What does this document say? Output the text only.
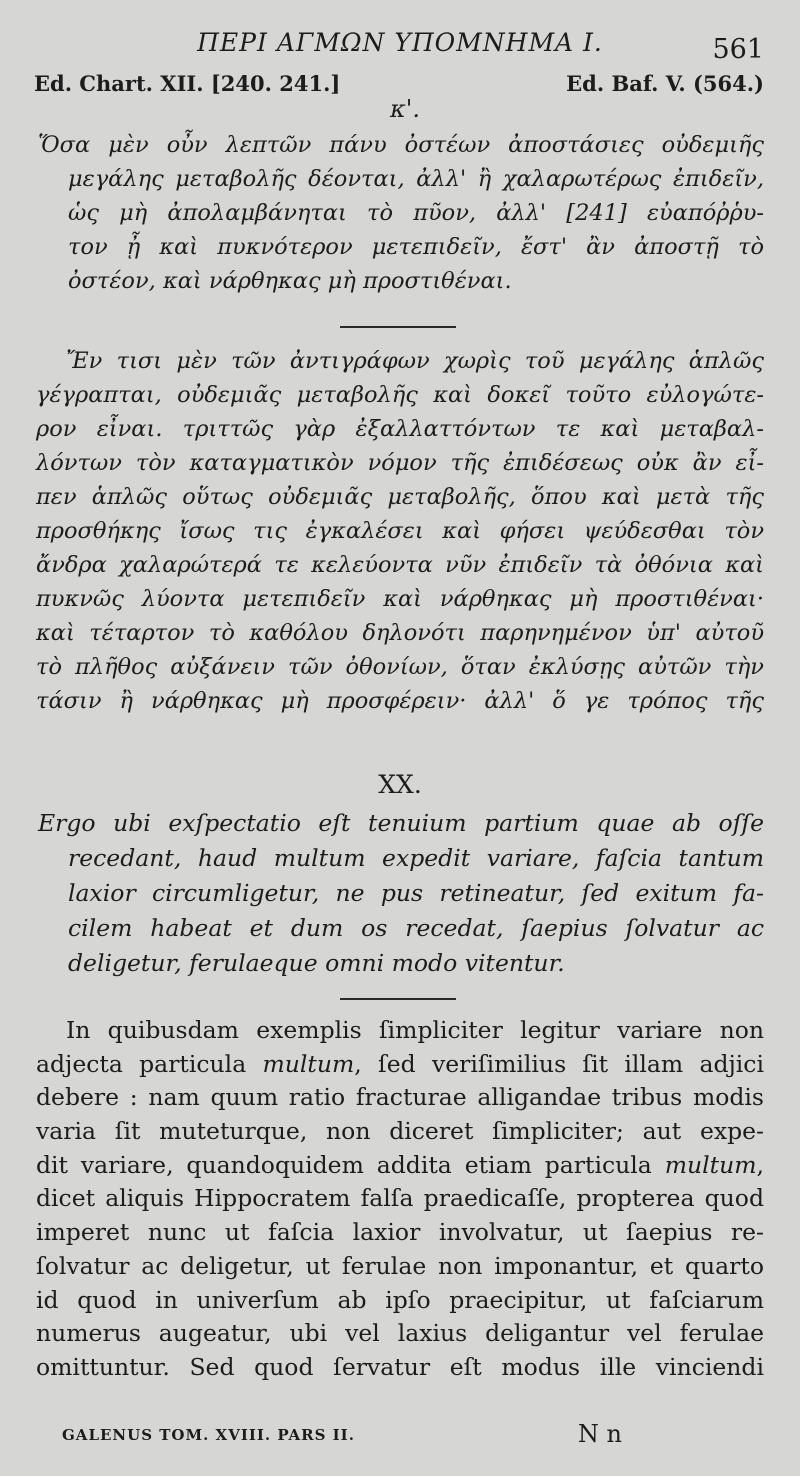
ΠΕΡΙ ΑΓΜΩΝ ΥΠΟΜΝΗΜΑ Ι.	561
Ed. Chart. XII. [240. 241.]	Ed. Baf. V. (564.)
κ'.
Ὅσα μὲν οὖν λεπτῶν πάνυ ὀστέων ἀποστάσιες οὐδεμιῆς
μεγάλης μεταβολῆς δέονται, ἀλλ' ἢ χαλαρωτέρως ἐπιδεῖν,
ὡς μὴ ἀπολαμβάνηται τὸ πῦον, ἀλλ' [241] εὐαπόῤῥυ-
τον ᾖ καὶ πυκνότερον μετεπιδεῖν, ἔστ' ἂν ἀποστῇ τὸ
ὀστέον, καὶ νάρθηκας μὴ προστιθέναι.
Ἔν τισι μὲν τῶν ἀντιγράφων χωρὶς τοῦ μεγάλης ἁπλῶς
γέγραπται, οὐδεμιᾶς μεταβολῆς καὶ δοκεῖ τοῦτο εὐλογώτε-
ρον εἶναι. τριττῶς γὰρ ἐξαλλαττόντων τε καὶ μεταβαλ-
λόντων τὸν καταγματικὸν νόμον τῆς ἐπιδέσεως οὐκ ἂν εἶ-
πεν ἁπλῶς οὕτως οὐδεμιᾶς μεταβολῆς, ὅπου καὶ μετὰ τῆς
προσθήκης ἴσως τις ἐγκαλέσει καὶ φήσει ψεύδεσθαι τὸν
ἄνδρα χαλαρώτερά τε κελεύοντα νῦν ἐπιδεῖν τὰ ὀθόνια καὶ
πυκνῶς λύοντα μετεπιδεῖν καὶ νάρθηκας μὴ προστιθέναι·
καὶ τέταρτον τὸ καθόλου δηλονότι παρηνημένον ὑπ' αὐτοῦ
τὸ πλῆθος αὐξάνειν τῶν ὀθονίων, ὅταν ἐκλύσῃς αὐτῶν τὴν
τάσιν ἢ νάρθηκας μὴ προσφέρειν· ἀλλ' ὅ γε τρόπος τῆς
XX.
Ergo ubi exſpectatio eſt tenuium partium quae ab oſſe
recedant, haud multum expedit variare, faſcia tantum
laxior circumligetur, ne pus retineatur, ſed exitum fa-
cilem habeat et dum os recedat, ſaepius ſolvatur ac
deligetur, ferulaeque omni modo vitentur.
In quibusdam exemplis ſimpliciter legitur variare non
adjecta particula multum, ſed veriſimilius ſit illam adjici
debere : nam quum ratio fracturae alligandae tribus modis
varia ſit muteturque, non diceret ſimpliciter; aut expe-
dit variare, quandoquidem addita etiam particula multum,
dicet aliquis Hippocratem falſa praedicaſſe, propterea quod
imperet nunc ut faſcia laxior involvatur, ut ſaepius re-
ſolvatur ac deligetur, ut ferulae non imponantur, et quarto
id quod in univerſum ab ipſo praecipitur, ut faſciarum
numerus augeatur, ubi vel laxius deligantur vel ferulae
omittuntur. Sed quod ſervatur eſt modus ille vinciendi
GALENUS TOM. XVIII. PARS II.	N n
